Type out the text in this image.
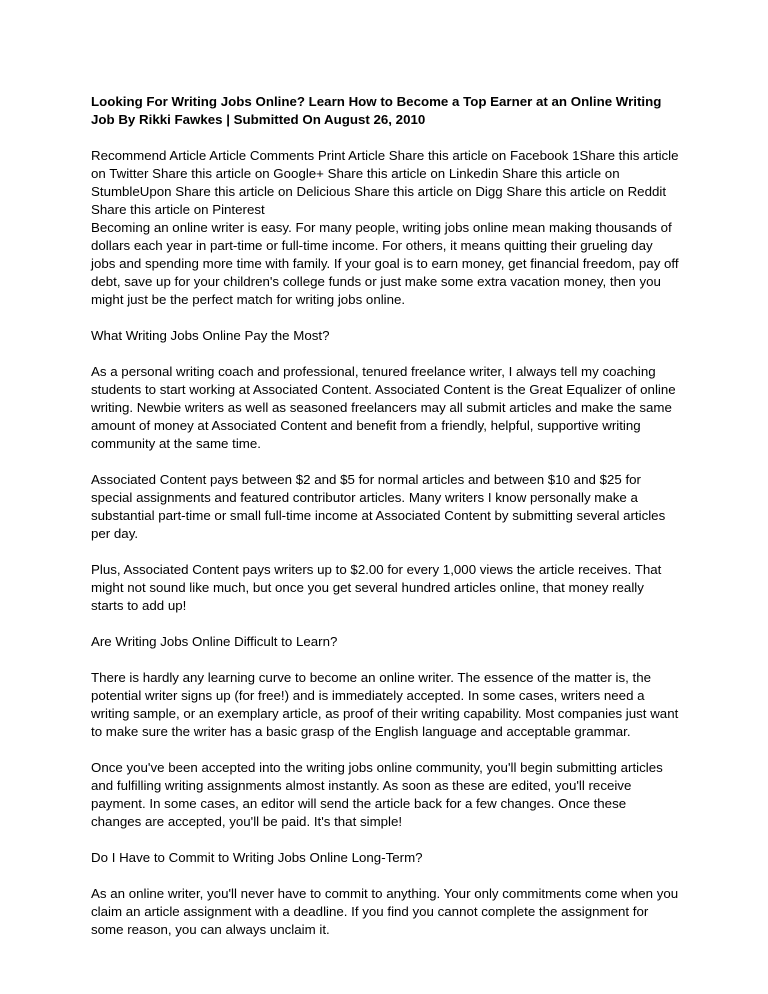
Looking For Writing Jobs Online? Learn How to Become a Top Earner at an Online Writing Job By Rikki Fawkes | Submitted On August 26, 2010
Recommend Article Article Comments Print Article Share this article on Facebook 1Share this article on Twitter Share this article on Google+ Share this article on Linkedin Share this article on StumbleUpon Share this article on Delicious Share this article on Digg Share this article on Reddit Share this article on Pinterest
Becoming an online writer is easy. For many people, writing jobs online mean making thousands of dollars each year in part-time or full-time income. For others, it means quitting their grueling day jobs and spending more time with family. If your goal is to earn money, get financial freedom, pay off debt, save up for your children's college funds or just make some extra vacation money, then you might just be the perfect match for writing jobs online.
What Writing Jobs Online Pay the Most?
As a personal writing coach and professional, tenured freelance writer, I always tell my coaching students to start working at Associated Content. Associated Content is the Great Equalizer of online writing. Newbie writers as well as seasoned freelancers may all submit articles and make the same amount of money at Associated Content and benefit from a friendly, helpful, supportive writing community at the same time.
Associated Content pays between $2 and $5 for normal articles and between $10 and $25 for special assignments and featured contributor articles. Many writers I know personally make a substantial part-time or small full-time income at Associated Content by submitting several articles per day.
Plus, Associated Content pays writers up to $2.00 for every 1,000 views the article receives. That might not sound like much, but once you get several hundred articles online, that money really starts to add up!
Are Writing Jobs Online Difficult to Learn?
There is hardly any learning curve to become an online writer. The essence of the matter is, the potential writer signs up (for free!) and is immediately accepted. In some cases, writers need a writing sample, or an exemplary article, as proof of their writing capability. Most companies just want to make sure the writer has a basic grasp of the English language and acceptable grammar.
Once you've been accepted into the writing jobs online community, you'll begin submitting articles and fulfilling writing assignments almost instantly. As soon as these are edited, you'll receive payment. In some cases, an editor will send the article back for a few changes. Once these changes are accepted, you'll be paid. It's that simple!
Do I Have to Commit to Writing Jobs Online Long-Term?
As an online writer, you'll never have to commit to anything. Your only commitments come when you claim an article assignment with a deadline. If you find you cannot complete the assignment for some reason, you can always unclaim it.
